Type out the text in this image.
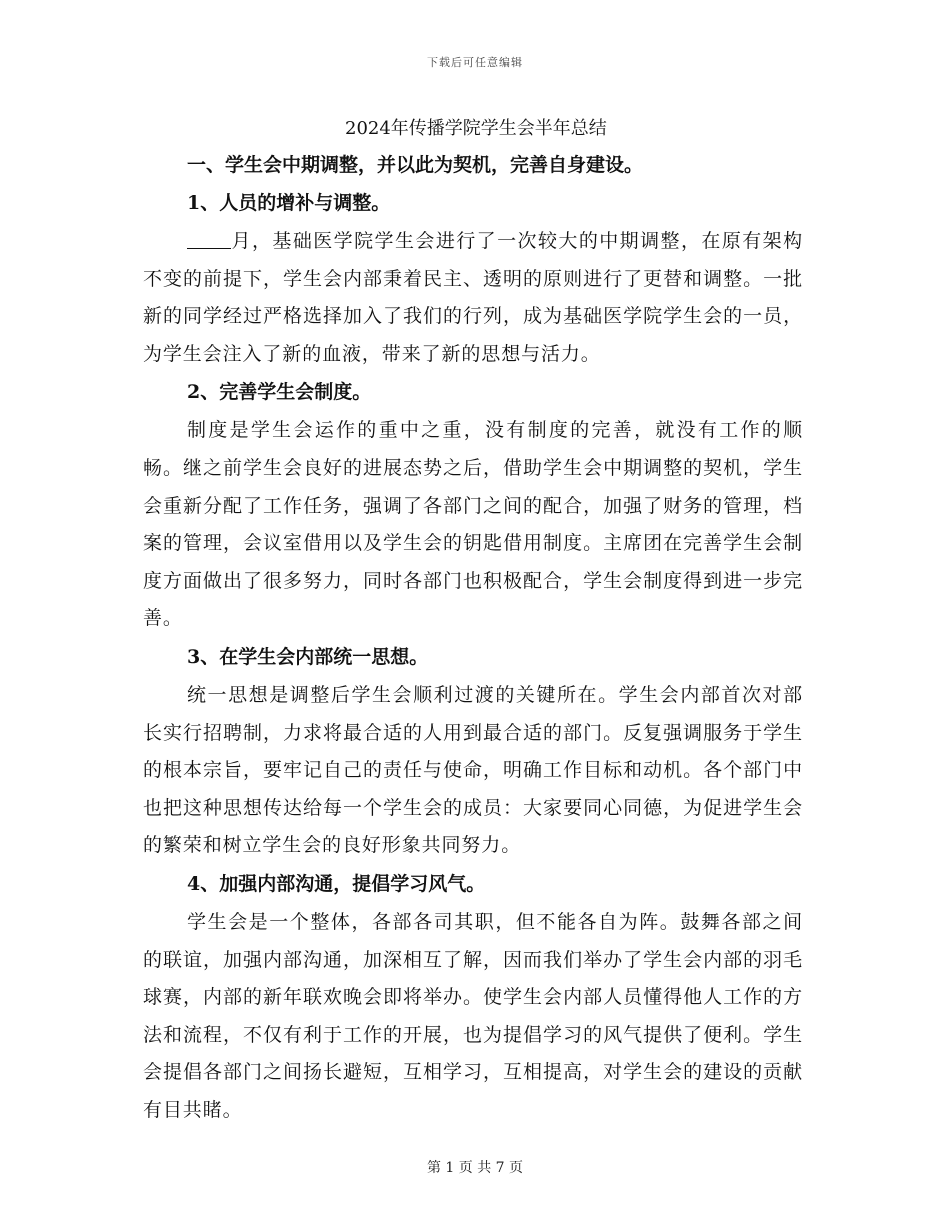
下载后可任意编辑
2024年传播学院学生会半年总结
一、学生会中期调整，并以此为契机，完善自身建设。
1、人员的增补与调整。

月，基础医学院学生会进行了一次较大的中期调整，在原有架构不变的前提下，学生会内部秉着民主、透明的原则进行了更替和调整。一批新的同学经过严格选择加入了我们的行列，成为基础医学院学生会的一员，为学生会注入了新的血液，带来了新的思想与活力。

2、完善学生会制度。

制度是学生会运作的重中之重，没有制度的完善，就没有工作的顺畅。继之前学生会良好的进展态势之后，借助学生会中期调整的契机，学生会重新分配了工作任务，强调了各部门之间的配合，加强了财务的管理，档案的管理，会议室借用以及学生会的钥匙借用制度。主席团在完善学生会制度方面做出了很多努力，同时各部门也积极配合，学生会制度得到进一步完善。

3、在学生会内部统一思想。

统一思想是调整后学生会顺利过渡的关键所在。学生会内部首次对部长实行招聘制，力求将最合适的人用到最合适的部门。反复强调服务于学生的根本宗旨，要牢记自己的责任与使命，明确工作目标和动机。各个部门中也把这种思想传达给每一个学生会的成员：大家要同心同德，为促进学生会的繁荣和树立学生会的良好形象共同努力。

4、加强内部沟通，提倡学习风气。

学生会是一个整体，各部各司其职，但不能各自为阵。鼓舞各部之间的联谊，加强内部沟通，加深相互了解，因而我们举办了学生会内部的羽毛球赛，内部的新年联欢晚会即将举办。使学生会内部人员懂得他人工作的方法和流程，不仅有利于工作的开展，也为提倡学习的风气提供了便利。学生会提倡各部门之间扬长避短，互相学习，互相提高，对学生会的建设的贡献有目共睹。

第 1 页 共 7 页
